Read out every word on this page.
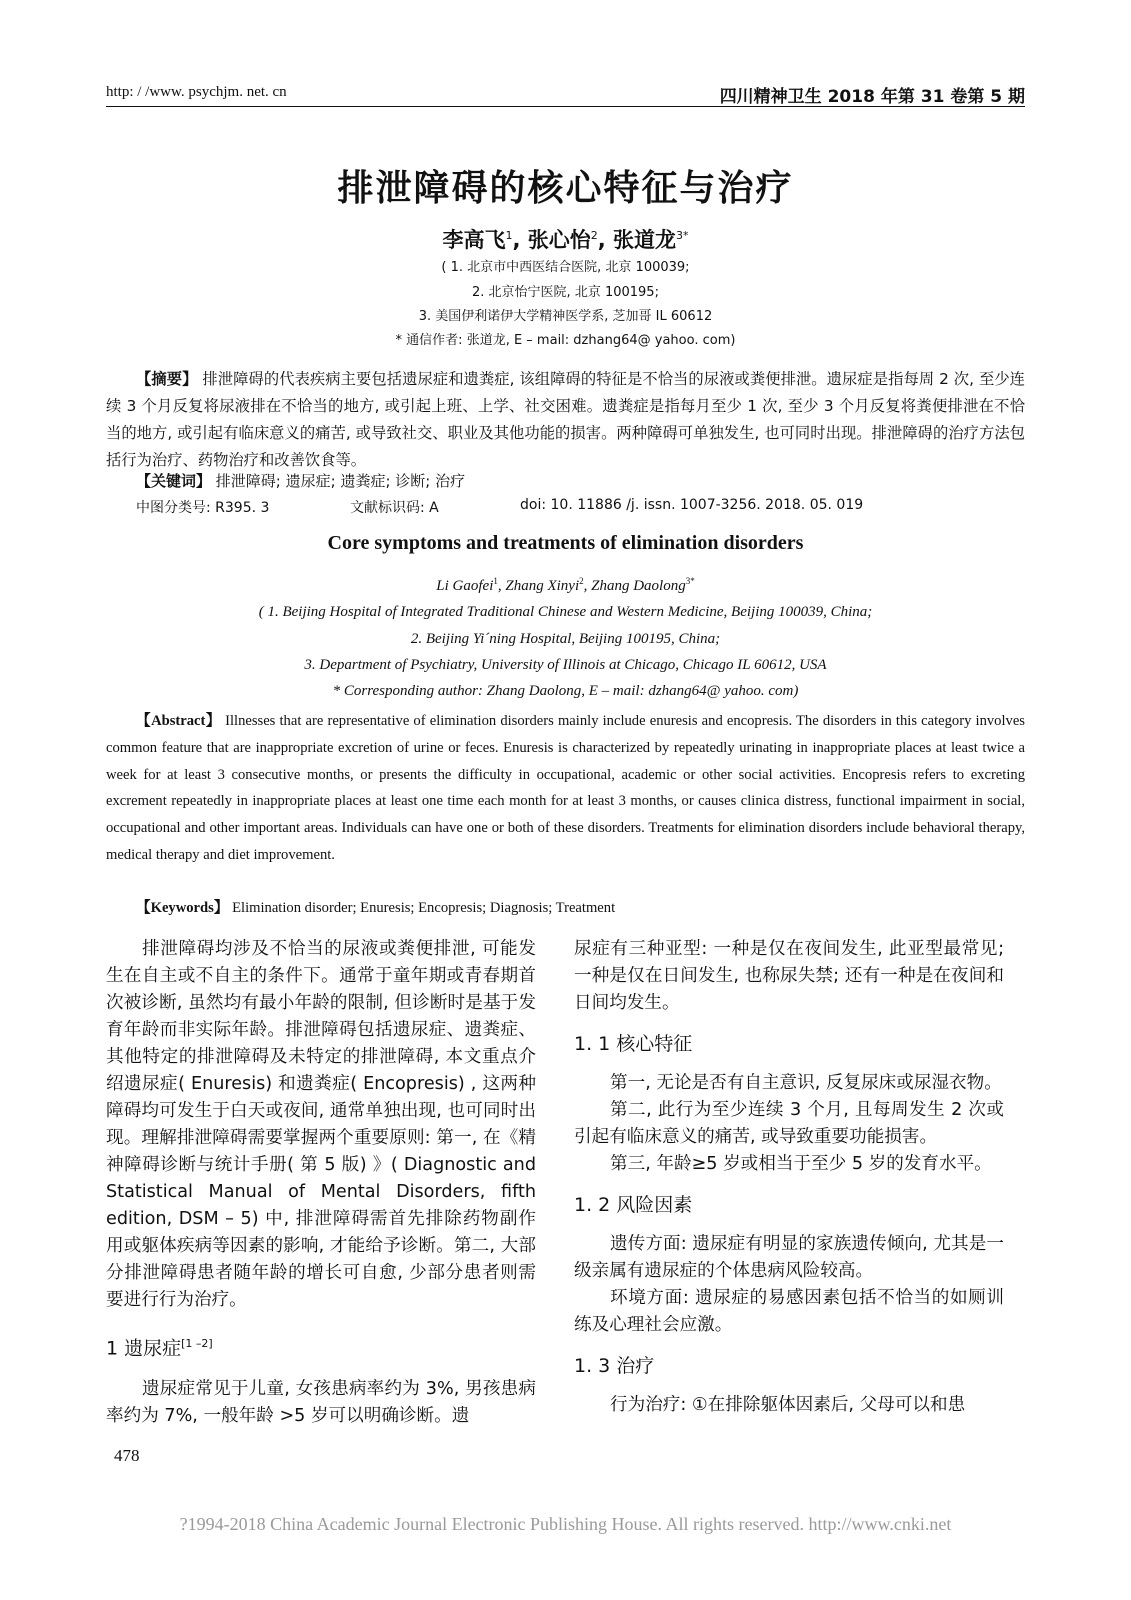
http: / /www. psychjm. net. cn	四川精神卫生 2018 年第 31 卷第 5 期
排泄障碍的核心特征与治疗
李高飞$^1$, 张心怡$^2$, 张道龙$^{3*}$
( 1. 北京市中西医结合医院, 北京 100039;
2. 北京怡宁医院, 北京 100195;
3. 美国伊利诺伊大学精神医学系, 芝加哥 IL 60612
* 通信作者: 张道龙, E – mail: dzhang64@ yahoo. com)
【摘要】 排泄障碍的代表疾病主要包括遗尿症和遗粪症, 该组障碍的特征是不恰当的尿液或粪便排泄。遗尿症是指每周 2 次, 至少连续 3 个月反复将尿液排在不恰当的地方, 或引起上班、上学、社交困难。遗粪症是指每月至少 1 次, 至少 3 个月反复将粪便排泄在不恰当的地方, 或引起有临床意义的痛苦, 或导致社交、职业及其他功能的损害。两种障碍可单独发生, 也可同时出现。排泄障碍的治疗方法包括行为治疗、药物治疗和改善饮食等。
【关键词】 排泄障碍; 遗尿症; 遗粪症; 诊断; 治疗
中图分类号: R395. 3	文献标识码: A	doi: 10. 11886 /j. issn. 1007-3256. 2018. 05. 019
Core symptoms and treatments of elimination disorders
Li Gaofei$^1$, Zhang Xinyi$^2$, Zhang Daolong$^{3*}$
( 1. Beijing Hospital of Integrated Traditional Chinese and Western Medicine, Beijing 100039, China;
2. Beijing Yi´ning Hospital, Beijing 100195, China;
3. Department of Psychiatry, University of Illinois at Chicago, Chicago IL 60612, USA
* Corresponding author: Zhang Daolong, E – mail: dzhang64@ yahoo. com)
【Abstract】 Illnesses that are representative of elimination disorders mainly include enuresis and encopresis. The disorders in this category involves common feature that are inappropriate excretion of urine or feces. Enuresis is characterized by repeatedly urinating in inappropriate places at least twice a week for at least 3 consecutive months, or presents the difficulty in occupational, academic or other social activities. Encopresis refers to excreting excrement repeatedly in inappropriate places at least one time each month for at least 3 months, or causes clinica distress, functional impairment in social, occupational and other important areas. Individuals can have one or both of these disorders. Treatments for elimination disorders include behavioral therapy, medical therapy and diet improvement.
【Keywords】 Elimination disorder; Enuresis; Encopresis; Diagnosis; Treatment

排泄障碍均涉及不恰当的尿液或粪便排泄, 可能发生在自主或不自主的条件下。通常于童年期或青春期首次被诊断, 虽然均有最小年龄的限制, 但诊断时是基于发育年龄而非实际年龄。排泄障碍包括遗尿症、遗粪症、其他特定的排泄障碍及未特定的排泄障碍, 本文重点介绍遗尿症( Enuresis) 和遗粪症( Encopresis) , 这两种障碍均可发生于白天或夜间, 通常单独出现, 也可同时出现。理解排泄障碍需要掌握两个重要原则: 第一, 在《精神障碍诊断与统计手册( 第 5 版) 》( Diagnostic and Statistical Manual of Mental Disorders, fifth edition, DSM – 5) 中, 排泄障碍需首先排除药物副作用或躯体疾病等因素的影响, 才能给予诊断。第二, 大部分排泄障碍患者随年龄的增长可自愈, 少部分患者则需要进行行为治疗。

1 遗尿症[1 –2]

遗尿症常见于儿童, 女孩患病率约为 3%, 男孩患病率约为 7%, 一般年龄 >5 岁可以明确诊断。遗

尿症有三种亚型: 一种是仅在夜间发生, 此亚型最常见; 一种是仅在日间发生, 也称尿失禁; 还有一种是在夜间和日间均发生。

1. 1 核心特征

第一, 无论是否有自主意识, 反复尿床或尿湿衣物。

第二, 此行为至少连续 3 个月, 且每周发生 2 次或引起有临床意义的痛苦, 或导致重要功能损害。

第三, 年龄≥5 岁或相当于至少 5 岁的发育水平。

1. 2 风险因素

遗传方面: 遗尿症有明显的家族遗传倾向, 尤其是一级亲属有遗尿症的个体患病风险较高。

环境方面: 遗尿症的易感因素包括不恰当的如厕训练及心理社会应激。

1. 3 治疗

行为治疗: ①在排除躯体因素后, 父母可以和患

478
?1994-2018 China Academic Journal Electronic Publishing House. All rights reserved. http://www.cnki.net
